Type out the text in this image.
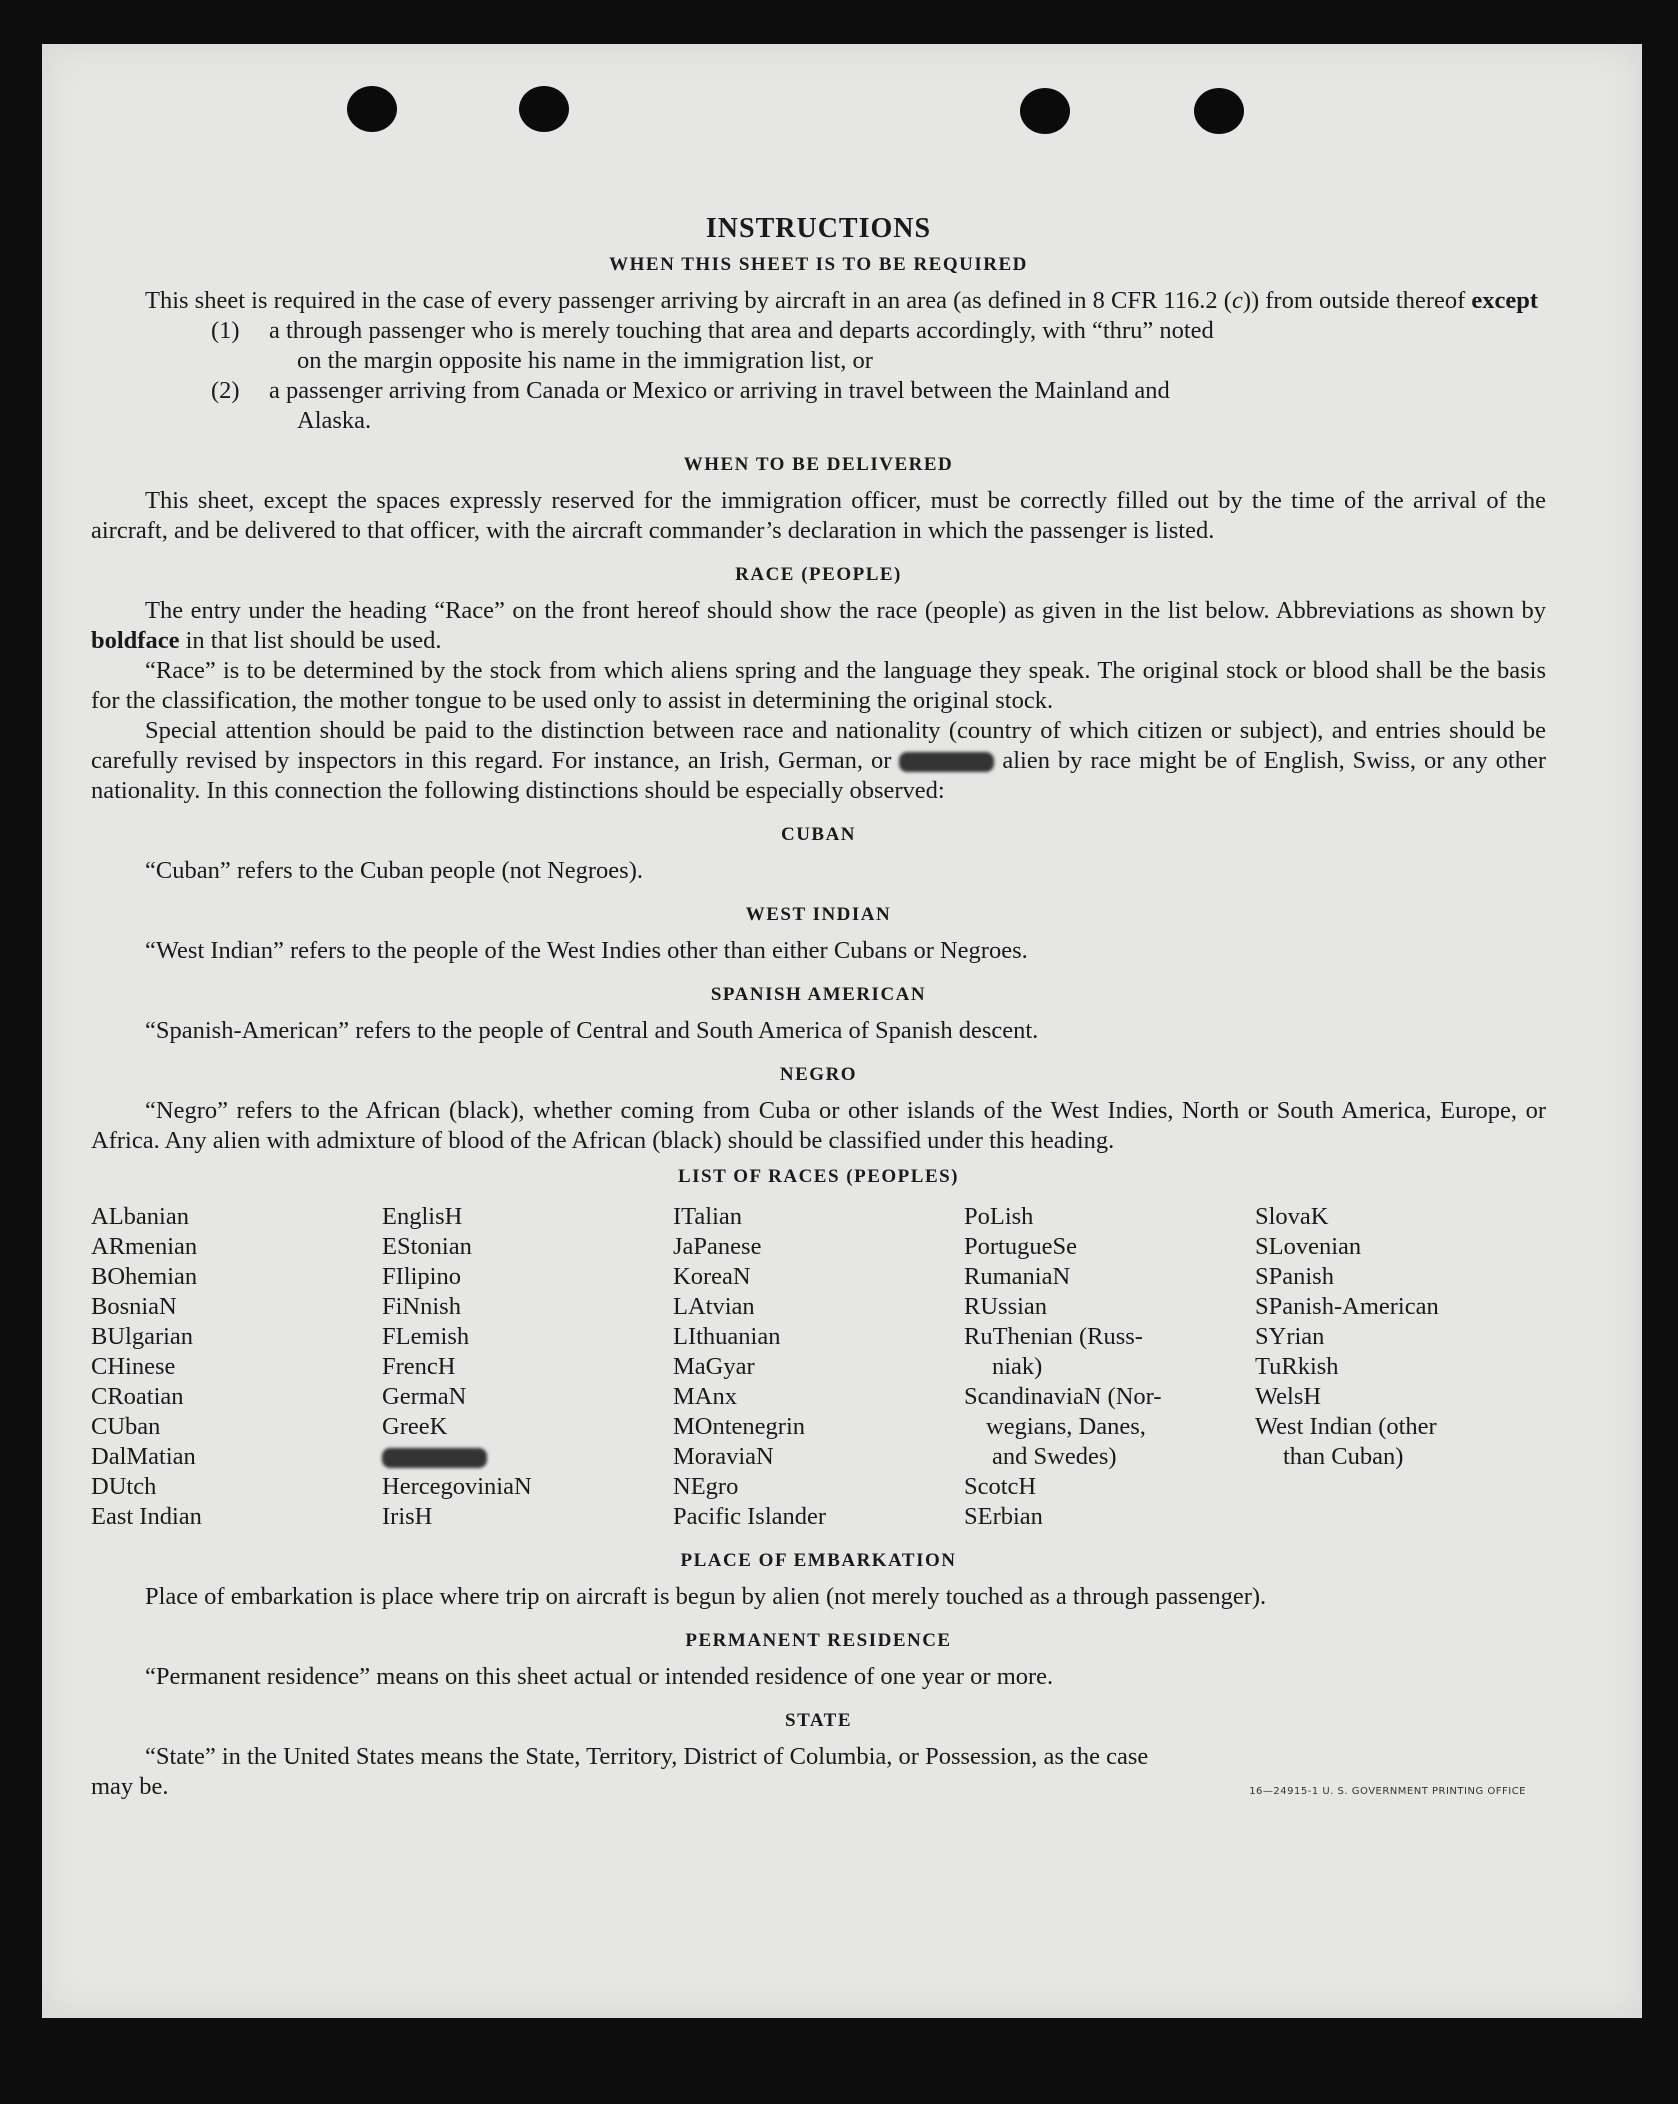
INSTRUCTIONS
WHEN THIS SHEET IS TO BE REQUIRED

This sheet is required in the case of every passenger arriving by aircraft in an area (as defined in 8 CFR 116.2 (c)) from outside thereof except

(1)	a through passenger who is merely touching that area and departs accordingly, with “thru” noted
on the margin opposite his name in the immigration list, or
(2)	a passenger arriving from Canada or Mexico or arriving in travel between the Mainland and
Alaska.
WHEN TO BE DELIVERED

This sheet, except the spaces expressly reserved for the immigration officer, must be correctly filled out by the time of the arrival of the aircraft, and be delivered to that officer, with the aircraft commander’s declaration in which the passenger is listed.

RACE (PEOPLE)

The entry under the heading “Race” on the front hereof should show the race (people) as given in the list below. Abbreviations as shown by boldface in that list should be used.

“Race” is to be determined by the stock from which aliens spring and the language they speak. The original stock or blood shall be the basis for the classification, the mother tongue to be used only to assist in determining the original stock.

Special attention should be paid to the distinction between race and nationality (country of which citizen or subject), and entries should be carefully revised by inspectors in this regard. For instance, an Irish, German, or	alien by race might be of English, Swiss, or any other nationality. In this connection the following distinctions should be especially observed:

CUBAN

“Cuban” refers to the Cuban people (not Negroes).

WEST INDIAN

“West Indian” refers to the people of the West Indies other than either Cubans or Negroes.

SPANISH AMERICAN

“Spanish-American” refers to the people of Central and South America of Spanish descent.

NEGRO

“Negro” refers to the African (black), whether coming from Cuba or other islands of the West Indies, North or South America, Europe, or Africa. Any alien with admixture of blood of the African (black) should be classified under this heading.

LIST OF RACES (PEOPLES)
ALbanian
ARmenian
BOhemian
BosniaN
BUlgarian
CHinese
CRoatian
CUban
DalMatian
DUtch
East Indian
EnglisH
EStonian
FIlipino
FiNnish
FLemish
FrencH
GermaN
GreeK
HercegoviniaN
IrisH
ITalian
JaPanese
KoreaN
LAtvian
LIthuanian
MaGyar
MAnx
MOntenegrin
MoraviaN
NEgro
Pacific Islander
PoLish
PortugueSe
RumaniaN
RUssian
RuThenian (Russ-
niak)
ScandinaviaN (Nor-
wegians, Danes,
and Swedes)
ScotcH
SErbian
SlovaK
SLovenian
SPanish
SPanish-American
SYrian
TuRkish
WelsH
West Indian (other
than Cuban)
PLACE OF EMBARKATION

Place of embarkation is place where trip on aircraft is begun by alien (not merely touched as a through passenger).

PERMANENT RESIDENCE

“Permanent residence” means on this sheet actual or intended residence of one year or more.

STATE

“State” in the United States means the State, Territory, District of Columbia, or Possession, as the case

may be.	16—24915-1 U. S. GOVERNMENT PRINTING OFFICE
